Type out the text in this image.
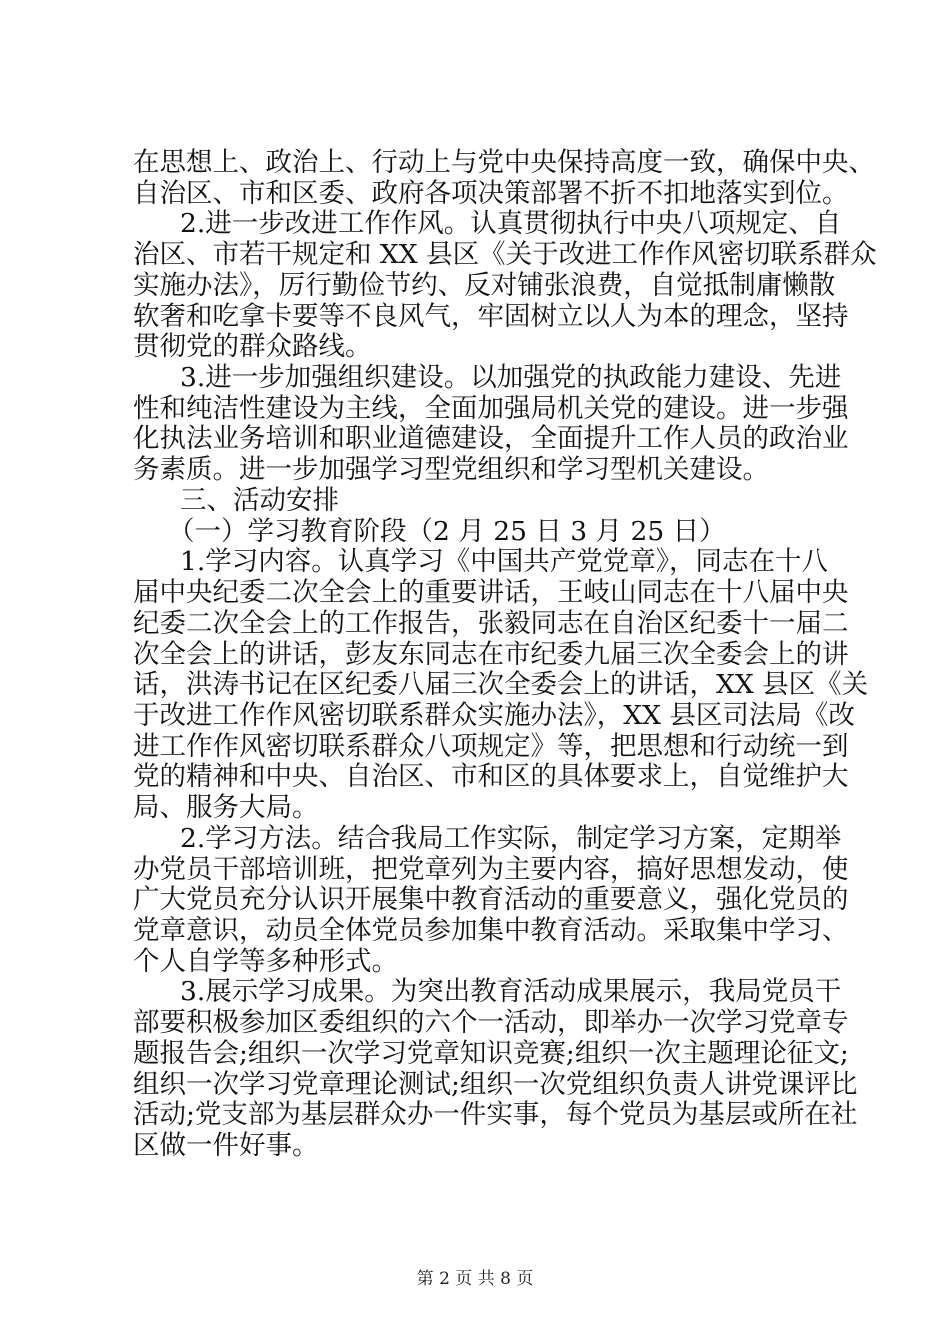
在思想上、政治上、行动上与党中央保持高度一致，确保中央、
自治区、市和区委、政府各项决策部署不折不扣地落实到位。
2.进一步改进工作作风。认真贯彻执行中央八项规定、自
治区、市若干规定和 XX 县区《关于改进工作作风密切联系群众
实施办法》，厉行勤俭节约、反对铺张浪费，自觉抵制庸懒散
软奢和吃拿卡要等不良风气，牢固树立以人为本的理念，坚持
贯彻党的群众路线。
3.进一步加强组织建设。以加强党的执政能力建设、先进
性和纯洁性建设为主线，全面加强局机关党的建设。进一步强
化执法业务培训和职业道德建设，全面提升工作人员的政治业
务素质。进一步加强学习型党组织和学习型机关建设。
三、活动安排
（一）学习教育阶段（2 月 25 日 3 月 25 日）
1.学习内容。认真学习《中国共产党党章》，同志在十八
届中央纪委二次全会上的重要讲话，王岐山同志在十八届中央
纪委二次全会上的工作报告，张毅同志在自治区纪委十一届二
次全会上的讲话，彭友东同志在市纪委九届三次全委会上的讲
话，洪涛书记在区纪委八届三次全委会上的讲话，XX 县区《关
于改进工作作风密切联系群众实施办法》，XX 县区司法局《改
进工作作风密切联系群众八项规定》等，把思想和行动统一到
党的精神和中央、自治区、市和区的具体要求上，自觉维护大
局、服务大局。
2.学习方法。结合我局工作实际，制定学习方案，定期举
办党员干部培训班，把党章列为主要内容，搞好思想发动，使
广大党员充分认识开展集中教育活动的重要意义，强化党员的
党章意识，动员全体党员参加集中教育活动。采取集中学习、
个人自学等多种形式。
3.展示学习成果。为突出教育活动成果展示，我局党员干
部要积极参加区委组织的六个一活动，即举办一次学习党章专
题报告会;组织一次学习党章知识竞赛;组织一次主题理论征文;
组织一次学习党章理论测试;组织一次党组织负责人讲党课评比
活动;党支部为基层群众办一件实事，每个党员为基层或所在社
区做一件好事。
第 2 页 共 8 页
